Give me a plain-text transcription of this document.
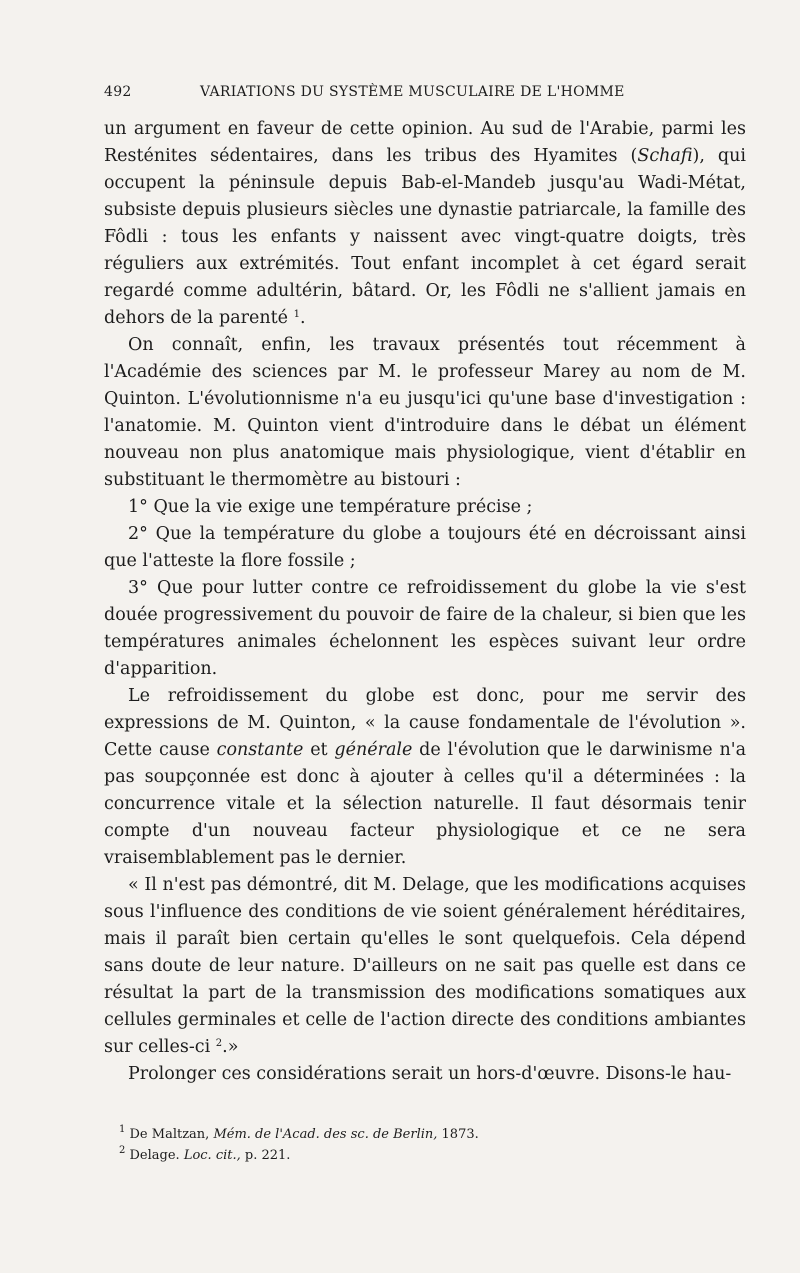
492	VARIATIONS DU SYSTÈME MUSCULAIRE DE L'HOMME

un argument en faveur de cette opinion. Au sud de l'Arabie, parmi les Resténites sédentaires, dans les tribus des Hyamites (Schafi), qui occupent la péninsule depuis Bab-el-Mandeb jusqu'au Wadi-Métat, subsiste depuis plusieurs siècles une dynastie patriarcale, la famille des Fôdli : tous les enfants y naissent avec vingt-quatre doigts, très réguliers aux extrémités. Tout enfant incomplet à cet égard serait regardé comme adultérin, bâtard. Or, les Fôdli ne s'allient jamais en dehors de la parenté $^1$.

On connaît, enfin, les travaux présentés tout récemment à l'Académie des sciences par M. le professeur Marey au nom de M. Quinton. L'évolutionnisme n'a eu jusqu'ici qu'une base d'investigation : l'anatomie. M. Quinton vient d'introduire dans le débat un élément nouveau non plus anatomique mais physiologique, vient d'établir en substituant le thermomètre au bistouri :

1° Que la vie exige une température précise ;

2° Que la température du globe a toujours été en décroissant ainsi que l'atteste la flore fossile ;

3° Que pour lutter contre ce refroidissement du globe la vie s'est douée progressivement du pouvoir de faire de la chaleur, si bien que les températures animales échelonnent les espèces suivant leur ordre d'apparition.

Le refroidissement du globe est donc, pour me servir des expressions de M. Quinton, « la cause fondamentale de l'évolution ». Cette cause constante et générale de l'évolution que le darwinisme n'a pas soupçonnée est donc à ajouter à celles qu'il a déterminées : la concurrence vitale et la sélection naturelle. Il faut désormais tenir compte d'un nouveau facteur physiologique et ce ne sera vraisemblablement pas le dernier.

« Il n'est pas démontré, dit M. Delage, que les modifications acquises sous l'influence des conditions de vie soient généralement héréditaires, mais il paraît bien certain qu'elles le sont quelquefois. Cela dépend sans doute de leur nature. D'ailleurs on ne sait pas quelle est dans ce résultat la part de la transmission des modifications somatiques aux cellules germinales et celle de l'action directe des conditions ambiantes sur celles-ci $^2$.»

Prolonger ces considérations serait un hors-d'œuvre. Disons-le hau-

$^1$ De Maltzan, Mém. de l'Acad. des sc. de Berlin, 1873.

$^2$ Delage. Loc. cit., p. 221.
